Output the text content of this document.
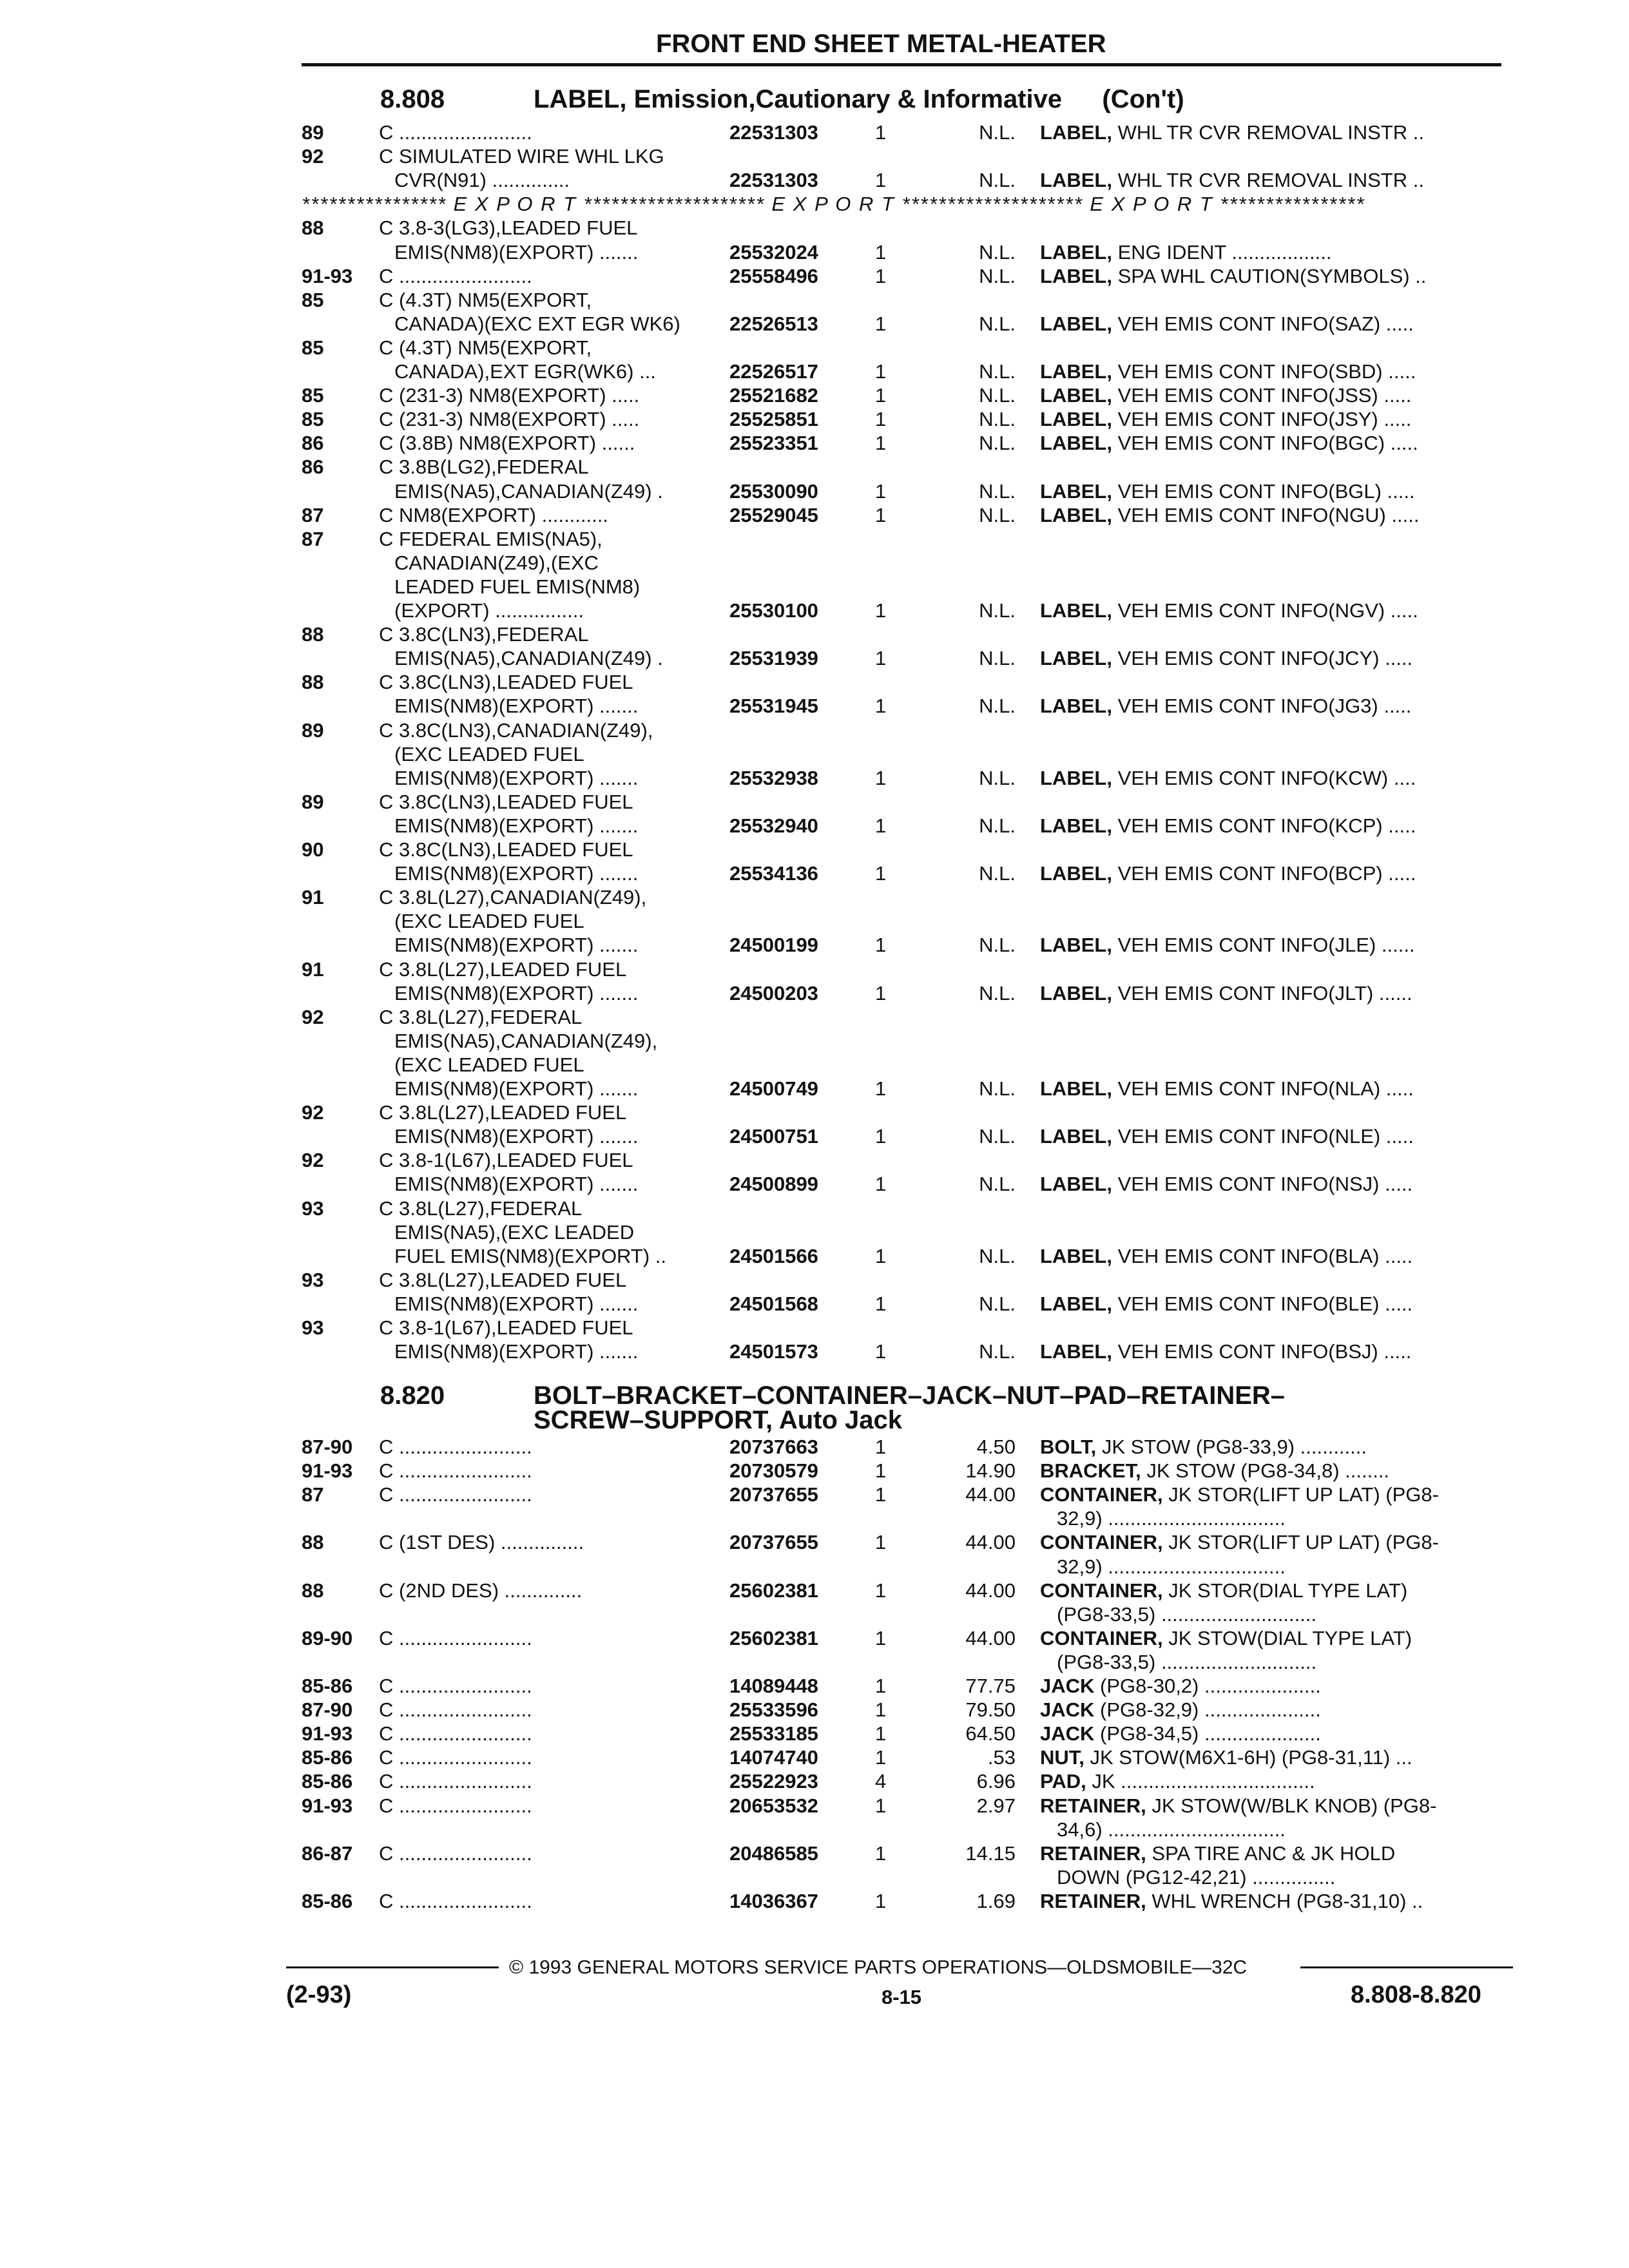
FRONT END SHEET METAL-HEATER
8.808	LABEL, Emission,Cautionary & Informative (Con't)
89	C ........................	22531303	1	N.L. LABEL, WHL TR CVR REMOVAL INSTR ..
92	C SIMULATED WIRE WHL LKG
CVR(N91) ..............	22531303	1	N.L. LABEL, WHL TR CVR REMOVAL INSTR ..
**************** E X P O R T ******************** E X P O R T ******************** E X P O R T ****************
88	C 3.8-3(LG3),LEADED FUEL
EMIS(NM8)(EXPORT) .......	25532024	1	N.L. LABEL, ENG IDENT ..................
91-93 C ........................	25558496	1	N.L. LABEL, SPA WHL CAUTION(SYMBOLS) ..
85	C (4.3T) NM5(EXPORT,
CANADA)(EXC EXT EGR WK6)	22526513	1	N.L. LABEL, VEH EMIS CONT INFO(SAZ) .....
85	C (4.3T) NM5(EXPORT,
CANADA),EXT EGR(WK6) ...	22526517	1	N.L. LABEL, VEH EMIS CONT INFO(SBD) .....
85	C (231-3) NM8(EXPORT) .....	25521682	1	N.L. LABEL, VEH EMIS CONT INFO(JSS) .....
85	C (231-3) NM8(EXPORT) .....	25525851	1	N.L. LABEL, VEH EMIS CONT INFO(JSY) .....
86	C (3.8B) NM8(EXPORT) ......	25523351	1	N.L. LABEL, VEH EMIS CONT INFO(BGC) .....
86	C 3.8B(LG2),FEDERAL
EMIS(NA5),CANADIAN(Z49) .	25530090	1	N.L. LABEL, VEH EMIS CONT INFO(BGL) .....
87	C NM8(EXPORT) ............	25529045	1	N.L. LABEL, VEH EMIS CONT INFO(NGU) .....
87	C FEDERAL EMIS(NA5),
CANADIAN(Z49),(EXC
LEADED FUEL EMIS(NM8)
(EXPORT) ................	25530100	1	N.L. LABEL, VEH EMIS CONT INFO(NGV) .....
88	C 3.8C(LN3),FEDERAL
EMIS(NA5),CANADIAN(Z49) .	25531939	1	N.L. LABEL, VEH EMIS CONT INFO(JCY) .....
88	C 3.8C(LN3),LEADED FUEL
EMIS(NM8)(EXPORT) .......	25531945	1	N.L. LABEL, VEH EMIS CONT INFO(JG3) .....
89	C 3.8C(LN3),CANADIAN(Z49),
(EXC LEADED FUEL
EMIS(NM8)(EXPORT) .......	25532938	1	N.L. LABEL, VEH EMIS CONT INFO(KCW) ....
89	C 3.8C(LN3),LEADED FUEL
EMIS(NM8)(EXPORT) .......	25532940	1	N.L. LABEL, VEH EMIS CONT INFO(KCP) .....
90	C 3.8C(LN3),LEADED FUEL
EMIS(NM8)(EXPORT) .......	25534136	1	N.L. LABEL, VEH EMIS CONT INFO(BCP) .....
91	C 3.8L(L27),CANADIAN(Z49),
(EXC LEADED FUEL
EMIS(NM8)(EXPORT) .......	24500199	1	N.L. LABEL, VEH EMIS CONT INFO(JLE) ......
91	C 3.8L(L27),LEADED FUEL
EMIS(NM8)(EXPORT) .......	24500203	1	N.L. LABEL, VEH EMIS CONT INFO(JLT) ......
92	C 3.8L(L27),FEDERAL
EMIS(NA5),CANADIAN(Z49),
(EXC LEADED FUEL
EMIS(NM8)(EXPORT) .......	24500749	1	N.L. LABEL, VEH EMIS CONT INFO(NLA) .....
92	C 3.8L(L27),LEADED FUEL
EMIS(NM8)(EXPORT) .......	24500751	1	N.L. LABEL, VEH EMIS CONT INFO(NLE) .....
92	C 3.8-1(L67),LEADED FUEL
EMIS(NM8)(EXPORT) .......	24500899	1	N.L. LABEL, VEH EMIS CONT INFO(NSJ) .....
93	C 3.8L(L27),FEDERAL
EMIS(NA5),(EXC LEADED
FUEL EMIS(NM8)(EXPORT) ..	24501566	1	N.L. LABEL, VEH EMIS CONT INFO(BLA) .....
93	C 3.8L(L27),LEADED FUEL
EMIS(NM8)(EXPORT) .......	24501568	1	N.L. LABEL, VEH EMIS CONT INFO(BLE) .....
93	C 3.8-1(L67),LEADED FUEL
EMIS(NM8)(EXPORT) .......	24501573	1	N.L. LABEL, VEH EMIS CONT INFO(BSJ) .....
8.820	BOLT–BRACKET–CONTAINER–JACK–NUT–PAD–RETAINER–
SCREW–SUPPORT, Auto Jack
87-90 C ........................	20737663	1	4.50 BOLT, JK STOW (PG8-33,9) ............
91-93 C ........................	20730579	1	14.90 BRACKET, JK STOW (PG8-34,8) ........
87	C ........................	20737655	1	44.00 CONTAINER, JK STOR(LIFT UP LAT) (PG8-
32,9) ................................
88	C (1ST DES) ...............	20737655	1	44.00 CONTAINER, JK STOR(LIFT UP LAT) (PG8-
32,9) ................................
88	C (2ND DES) ..............	25602381	1	44.00 CONTAINER, JK STOR(DIAL TYPE LAT)
(PG8-33,5) ............................
89-90 C ........................	25602381	1	44.00 CONTAINER, JK STOW(DIAL TYPE LAT)
(PG8-33,5) ............................
85-86 C ........................	14089448	1	77.75 JACK (PG8-30,2) .....................
87-90 C ........................	25533596	1	79.50 JACK (PG8-32,9) .....................
91-93 C ........................	25533185	1	64.50 JACK (PG8-34,5) .....................
85-86 C ........................	14074740	1	.53 NUT, JK STOW(M6X1-6H) (PG8-31,11) ...
85-86 C ........................	25522923	4	6.96 PAD, JK ...................................
91-93 C ........................	20653532	1	2.97 RETAINER, JK STOW(W/BLK KNOB) (PG8-
34,6) ................................
86-87 C ........................	20486585	1	14.15 RETAINER, SPA TIRE ANC & JK HOLD
DOWN (PG12-42,21) ...............
85-86 C ........................	14036367	1	1.69 RETAINER, WHL WRENCH (PG8-31,10) ..
© 1993 GENERAL MOTORS SERVICE PARTS OPERATIONS—OLDSMOBILE—32C
(2-93)	8-15	8.808-8.820
